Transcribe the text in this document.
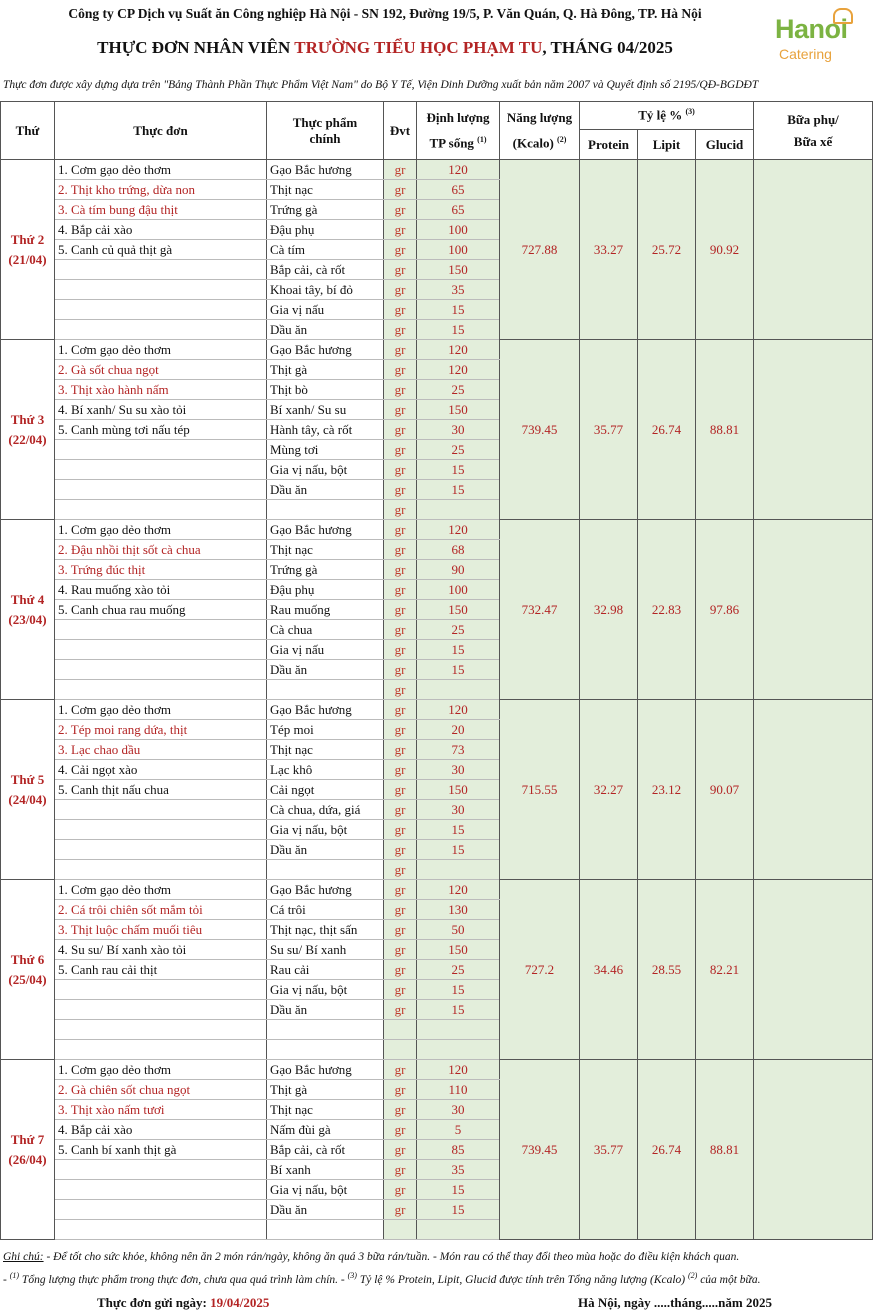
Công ty CP Dịch vụ Suất ăn Công nghiệp Hà Nội - SN 192, Đường 19/5, P. Văn Quán, Q. Hà Đông, TP. Hà Nội
THỰC ĐƠN NHÂN VIÊN TRƯỜNG TIỂU HỌC PHẠM TU, THÁNG 04/2025
Hanoi
Catering
Thực đơn được xây dựng dựa trên "Bảng Thành Phần Thực Phẩm Việt Nam" do Bộ Y Tế, Viện Dinh Dưỡng xuất bản năm 2007 và Quyết định số 2195/QĐ-BGDĐT
Thứ	Thực đơn	Thực phẩm chính	Đvt	Định lượng TP sống $^{(1)}$	Năng lượng (Kcalo) $^{(2)}$	Tỷ lệ % $^{(3)}$			Bữa phụ/ Bữa xế
						Protein	Lipit	Glucid	

Thứ 2
(21/04)	1. Cơm gạo dẻo thơm	Gạo Bắc hương	gr	120	727.88	33.27	25.72	90.92	
	2. Thịt kho trứng, dừa non	Thịt nạc	gr	65					
	3. Cà tím bung đậu thịt	Trứng gà	gr	65					
	4. Bắp cải xào	Đậu phụ	gr	100					
	5. Canh củ quả thịt gà	Cà tím	gr	100					
		Bắp cải, cà rốt	gr	150					
		Khoai tây, bí đỏ	gr	35					
		Gia vị nấu	gr	15					
		Dầu ăn	gr	15					

Thứ 3
(22/04)	1. Cơm gạo dẻo thơm	Gạo Bắc hương	gr	120	739.45	35.77	26.74	88.81	
	2. Gà sốt chua ngọt	Thịt gà	gr	120					
	3. Thịt xào hành nấm	Thịt bò	gr	25					
	4. Bí xanh/ Su su xào tỏi	Bí xanh/ Su su	gr	150					
	5. Canh mùng tơi nấu tép	Hành tây, cà rốt	gr	30					
		Mùng tơi	gr	25					
		Gia vị nấu, bột	gr	15					
		Dầu ăn	gr	15					
			gr						

Thứ 4
(23/04)	1. Cơm gạo dẻo thơm	Gạo Bắc hương	gr	120	732.47	32.98	22.83	97.86	
	2. Đậu nhồi thịt sốt cà chua	Thịt nạc	gr	68					
	3. Trứng đúc thịt	Trứng gà	gr	90					
	4. Rau muống xào tỏi	Đậu phụ	gr	100					
	5. Canh chua rau muống	Rau muống	gr	150					
		Cà chua	gr	25					
		Gia vị nấu	gr	15					
		Dầu ăn	gr	15					
			gr						

Thứ 5
(24/04)	1. Cơm gạo dẻo thơm	Gạo Bắc hương	gr	120	715.55	32.27	23.12	90.07	
	2. Tép moi rang dứa, thịt	Tép moi	gr	20					
	3. Lạc chao dầu	Thịt nạc	gr	73					
	4. Cải ngọt xào	Lạc khô	gr	30					
	5. Canh thịt nấu chua	Cải ngọt	gr	150					
		Cà chua, dứa, giá	gr	30					
		Gia vị nấu, bột	gr	15					
		Dầu ăn	gr	15					
			gr						

Thứ 6
(25/04)	1. Cơm gạo dẻo thơm	Gạo Bắc hương	gr	120	727.2	34.46	28.55	82.21	
	2. Cá trôi chiên sốt mắm tỏi	Cá trôi	gr	130					
	3. Thịt luộc chấm muối tiêu	Thịt nạc, thịt sấn	gr	50					
	4. Su su/ Bí xanh xào tỏi	Su su/ Bí xanh	gr	150					
	5. Canh rau cải thịt	Rau cải	gr	25					
		Gia vị nấu, bột	gr	15					
		Dầu ăn	gr	15					

Thứ 7
(26/04)	1. Cơm gạo dẻo thơm	Gạo Bắc hương	gr	120	739.45	35.77	26.74	88.81	
	2. Gà chiên sốt chua ngọt	Thịt gà	gr	110					
	3. Thịt xào nấm tươi	Thịt nạc	gr	30					
	4. Bắp cải xào	Nấm đùi gà	gr	5					
	5. Canh bí xanh thịt gà	Bắp cải, cà rốt	gr	85					
		Bí xanh	gr	35					
		Gia vị nấu, bột	gr	15					
		Dầu ăn	gr	15					

Ghi chú: - Để tốt cho sức khỏe, không nên ăn 2 món rán/ngày, không ăn quá 3 bữa rán/tuần. - Món rau có thể thay đổi theo mùa hoặc do điều kiện khách quan.
- $^{(1)}$ Tổng lượng thực phẩm trong thực đơn, chưa qua quá trình làm chín. - $^{(3)}$ Tỷ lệ % Protein, Lipit, Glucid được tính trên Tổng năng lượng (Kcalo) $^{(2)}$ của một bữa.
Thực đơn gửi ngày: 19/04/2025	Hà Nội, ngày .....tháng.....năm 2025
